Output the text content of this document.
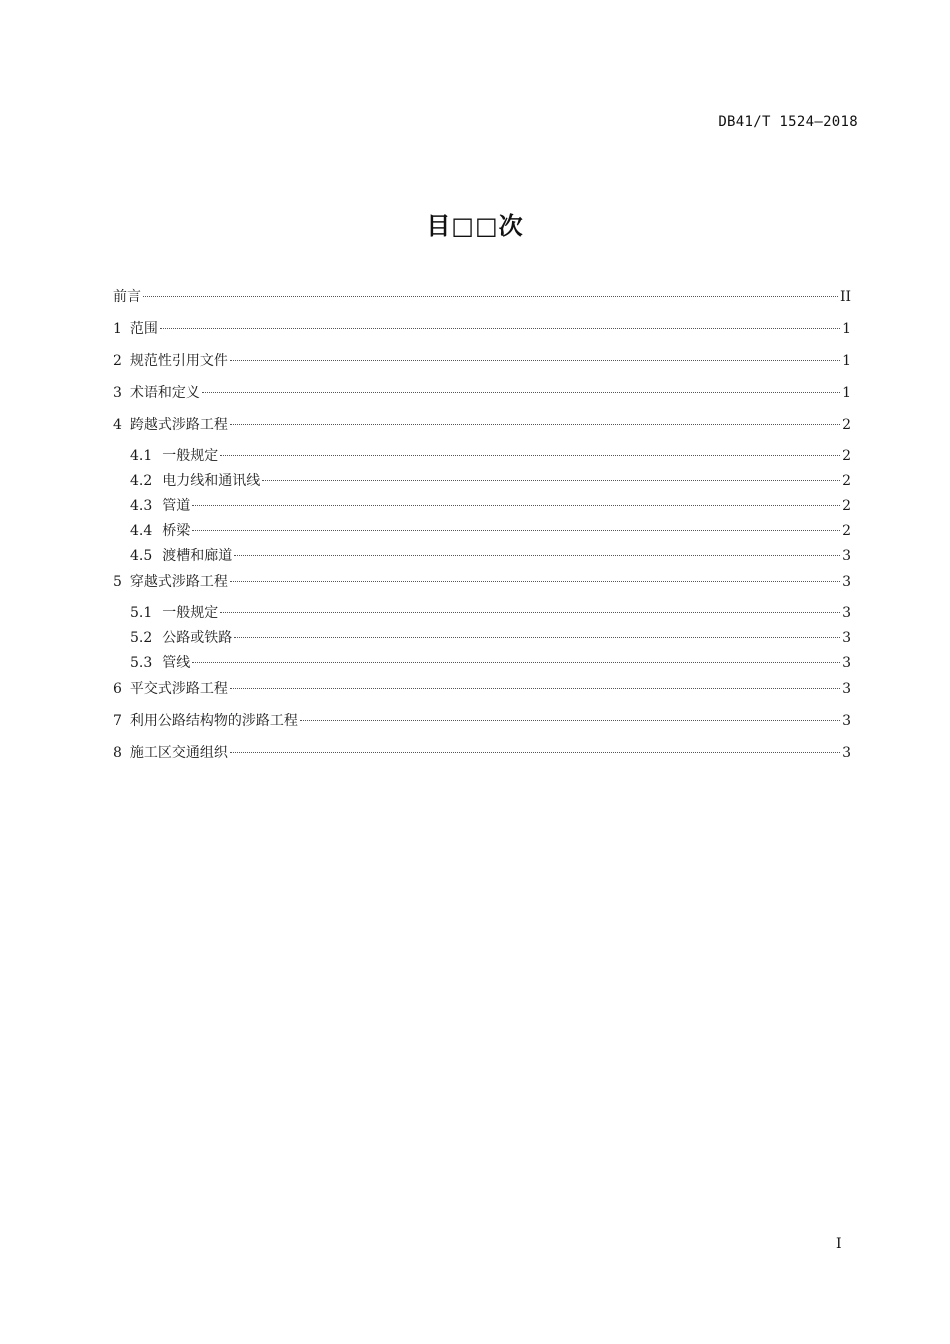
DB41/T 1524—2018
目□□次
前言	II
1 范围	1
2 规范性引用文件	1
3 术语和定义	1
4 跨越式涉路工程	2
4.1 一般规定	2
4.2 电力线和通讯线	2
4.3 管道	2
4.4 桥梁	2
4.5 渡槽和廊道	3
5 穿越式涉路工程	3
5.1 一般规定	3
5.2 公路或铁路	3
5.3 管线	3
6 平交式涉路工程	3
7 利用公路结构物的涉路工程	3
8 施工区交通组织	3
I
